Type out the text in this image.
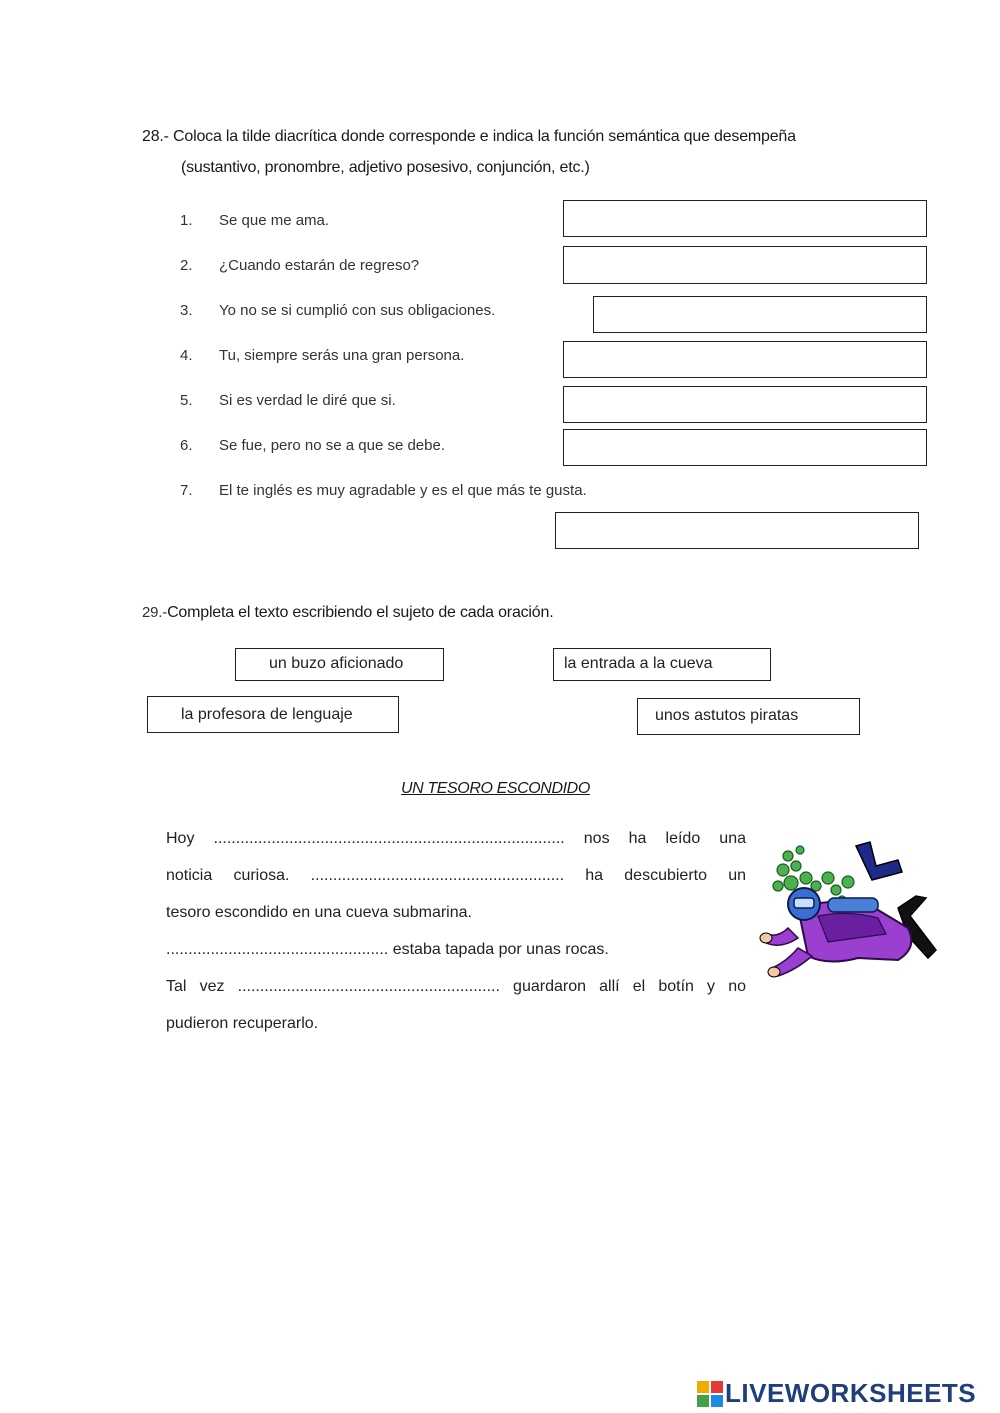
28.- Coloca la tilde diacrítica donde corresponde e indica la función semántica que desempeña
(sustantivo, pronombre, adjetivo posesivo, conjunción, etc.)
1. Se que me ama.
2. ¿Cuando estarán de regreso?
3. Yo no se si cumplió con sus obligaciones.
4. Tu, siempre serás una gran persona.
5. Si es verdad le diré que si.
6. Se fue, pero no se a que se debe.
7. El te inglés es muy agradable y es el que más te gusta.
29.-Completa el texto escribiendo el sujeto de cada oración.
un buzo aficionado	la entrada a la cueva
la profesora de lenguaje	unos astutos piratas
UN TESORO ESCONDIDO
Hoy ............................................................................... nos ha leído una
noticia curiosa. ......................................................... ha descubierto un
tesoro escondido en una cueva submarina.
.................................................. estaba tapada por unas rocas.
Tal vez ........................................................... guardaron allí el botín y no
pudieron recuperarlo.
LIVEWORKSHEETS
